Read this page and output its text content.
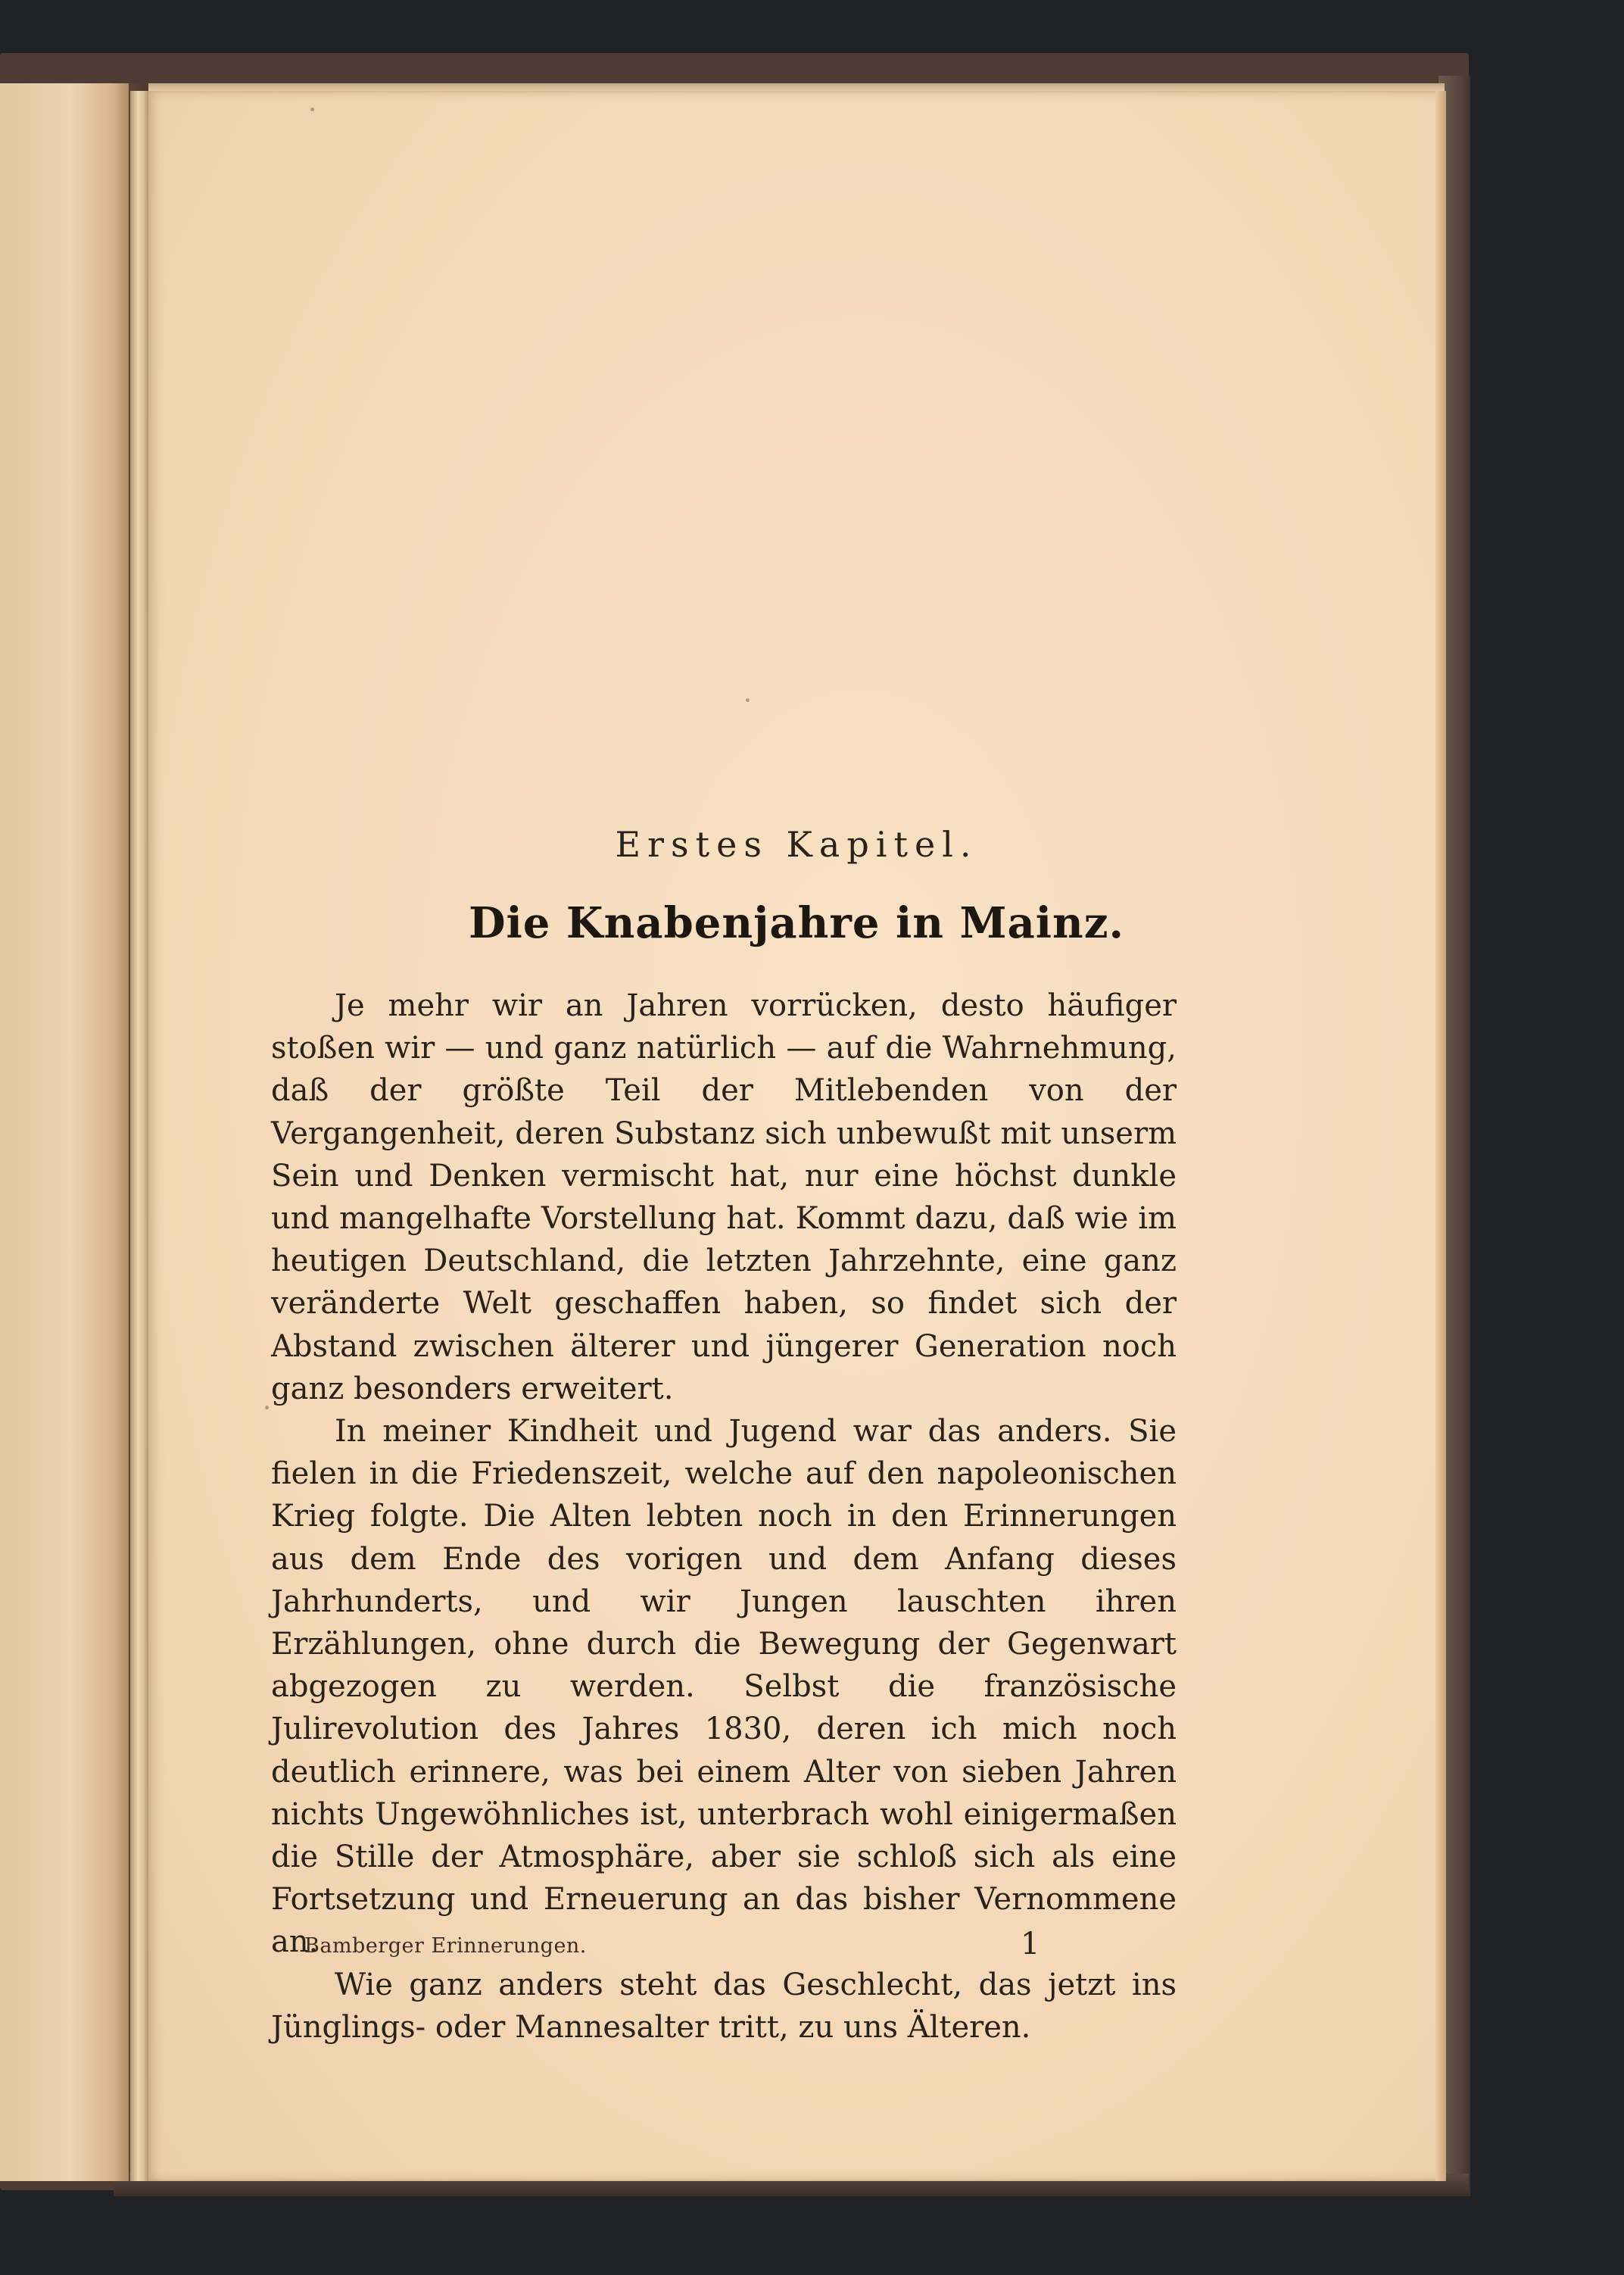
Erstes Kapitel.

Die Knabenjahre in Mainz.

Je mehr wir an Jahren vorrücken, desto häufiger stoßen wir — und ganz natürlich — auf die Wahrnehmung, daß der größte Teil der Mitlebenden von der Vergangenheit, deren Substanz sich unbewußt mit unserm Sein und Denken vermischt hat, nur eine höchst dunkle und mangelhafte Vorstellung hat. Kommt dazu, daß wie im heutigen Deutschland, die letzten Jahrzehnte, eine ganz veränderte Welt geschaffen haben, so findet sich der Abstand zwischen älterer und jüngerer Generation noch ganz besonders erweitert.

In meiner Kindheit und Jugend war das anders. Sie fielen in die Friedenszeit, welche auf den napoleonischen Krieg folgte. Die Alten lebten noch in den Erinnerungen aus dem Ende des vorigen und dem Anfang dieses Jahrhunderts, und wir Jungen lauschten ihren Erzählungen, ohne durch die Bewegung der Gegenwart abgezogen zu werden. Selbst die französische Julirevolution des Jahres 1830, deren ich mich noch deutlich erinnere, was bei einem Alter von sieben Jahren nichts Ungewöhnliches ist, unterbrach wohl einigermaßen die Stille der Atmosphäre, aber sie schloß sich als eine Fortsetzung und Erneuerung an das bisher Vernommene an.

Wie ganz anders steht das Geschlecht, das jetzt ins Jünglings- oder Mannesalter tritt, zu uns Älteren.

Bamberger Erinnerungen.	1
